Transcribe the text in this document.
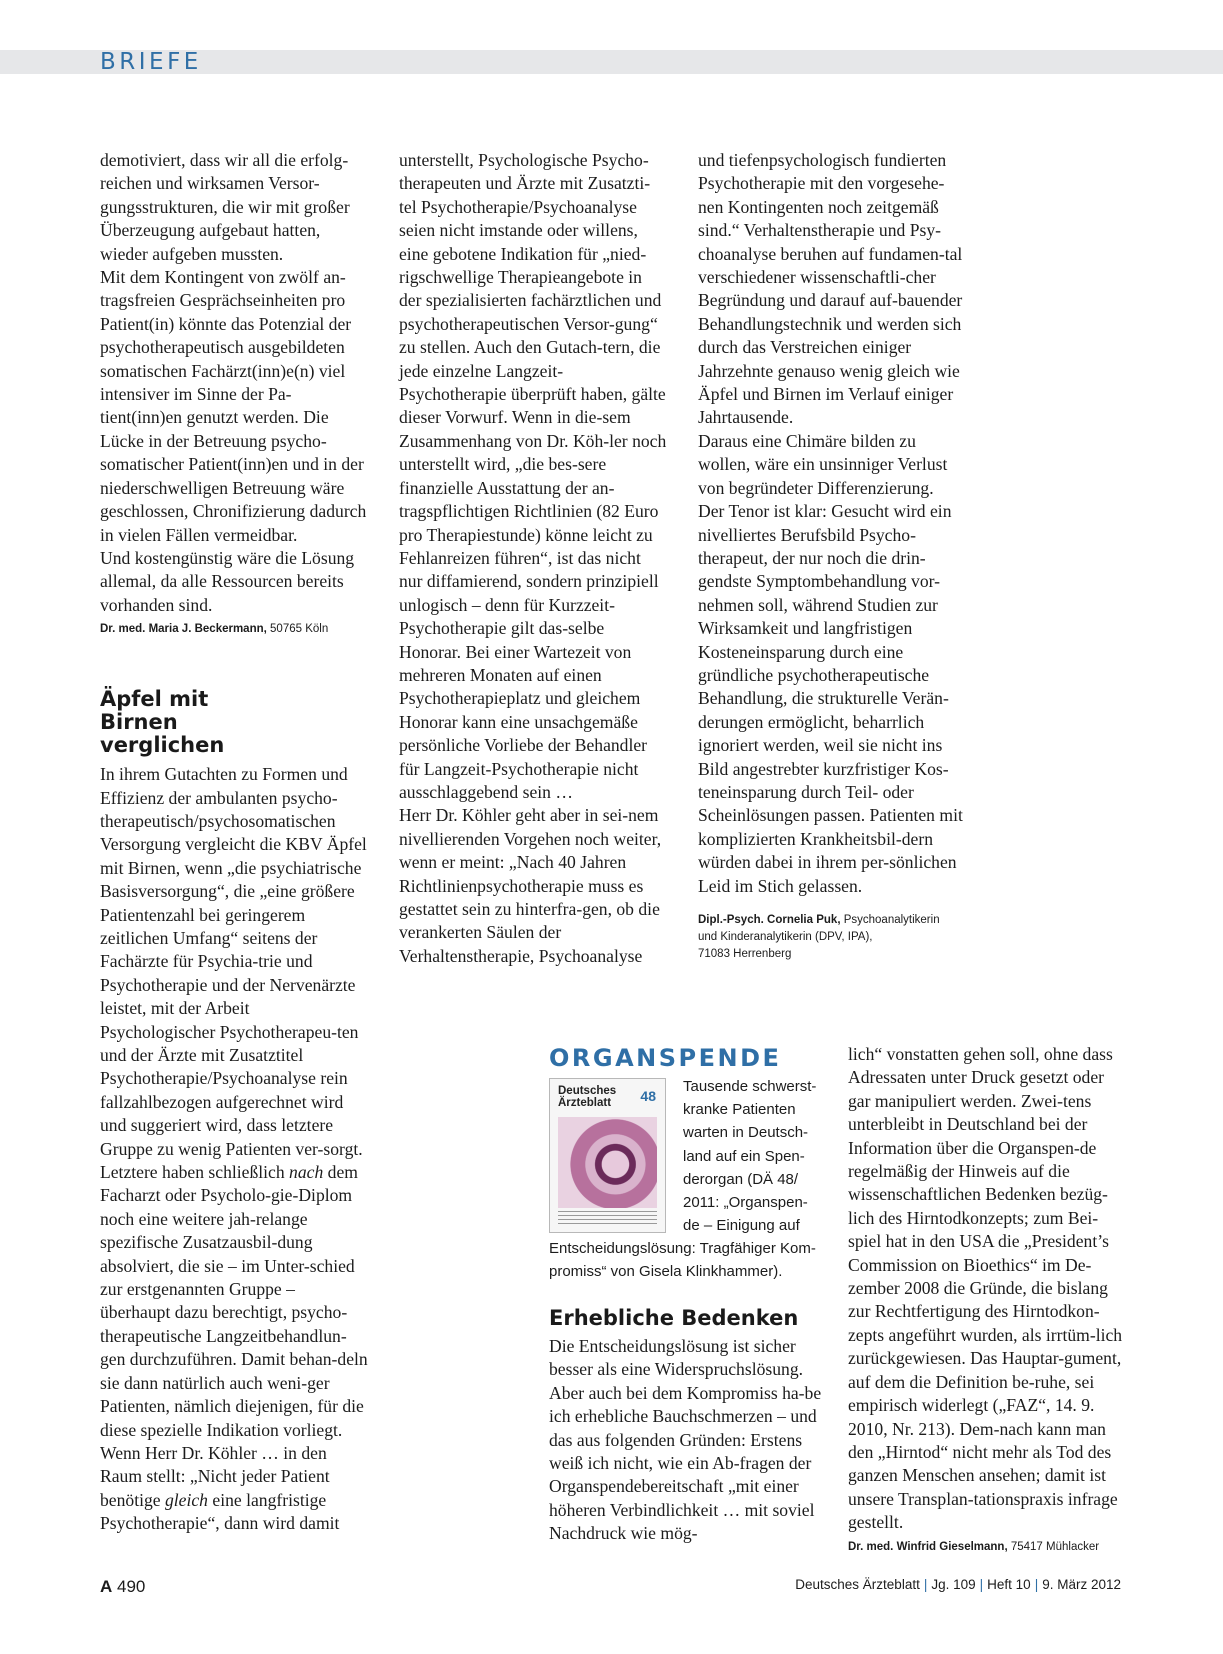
BRIEFE

demotiviert, dass wir all die erfolg-reichen und wirksamen Versor-gungsstrukturen, die wir mit großer Überzeugung aufgebaut hatten, wieder aufgeben mussten.

Mit dem Kontingent von zwölf an-tragsfreien Gesprächseinheiten pro Patient(in) könnte das Potenzial der psychotherapeutisch ausgebildeten somatischen Fachärzt(inn)e(n) viel intensiver im Sinne der Pa-tient(inn)en genutzt werden. Die Lücke in der Betreuung psycho-somatischer Patient(inn)en und in der niederschwelligen Betreuung wäre geschlossen, Chronifizierung dadurch in vielen Fällen vermeidbar.

Und kostengünstig wäre die Lösung allemal, da alle Ressourcen bereits vorhanden sind.

Dr. med. Maria J. Beckermann, 50765 Köln
Äpfel mit Birnen verglichen

In ihrem Gutachten zu Formen und Effizienz der ambulanten psycho-therapeutisch/psychosomatischen Versorgung vergleicht die KBV Äpfel mit Birnen, wenn „die psychiatrische Basisversorgung“, die „eine größere Patientenzahl bei geringerem zeitlichen Umfang“ seitens der Fachärzte für Psychia-trie und Psychotherapie und der Nervenärzte leistet, mit der Arbeit Psychologischer Psychotherapeu-ten und der Ärzte mit Zusatztitel Psychotherapie/Psychoanalyse rein fallzahlbezogen aufgerechnet wird und suggeriert wird, dass letztere Gruppe zu wenig Patienten ver-sorgt. Letztere haben schließlich nach dem Facharzt oder Psycholo-gie-Diplom noch eine weitere jah-relange spezifische Zusatzausbil-dung absolviert, die sie – im Unter-schied zur erstgenannten Gruppe – überhaupt dazu berechtigt, psycho-therapeutische Langzeitbehandlun-gen durchzuführen. Damit behan-deln sie dann natürlich auch weni-ger Patienten, nämlich diejenigen, für die diese spezielle Indikation vorliegt.

Wenn Herr Dr. Köhler … in den Raum stellt: „Nicht jeder Patient benötige gleich eine langfristige Psychotherapie“, dann wird damit

unterstellt, Psychologische Psycho-therapeuten und Ärzte mit Zusatzti-tel Psychotherapie/Psychoanalyse seien nicht imstande oder willens, eine gebotene Indikation für „nied-rigschwellige Therapieangebote in der spezialisierten fachärztlichen und psychotherapeutischen Versor-gung“ zu stellen. Auch den Gutach-tern, die jede einzelne Langzeit-Psychotherapie überprüft haben, gälte dieser Vorwurf. Wenn in die-sem Zusammenhang von Dr. Köh-ler noch unterstellt wird, „die bes-sere finanzielle Ausstattung der an-tragspflichtigen Richtlinien (82 Euro pro Therapiestunde) könne leicht zu Fehlanreizen führen“, ist das nicht nur diffamierend, sondern prinzipiell unlogisch – denn für Kurzzeit-Psychotherapie gilt das-selbe Honorar. Bei einer Wartezeit von mehreren Monaten auf einen Psychotherapieplatz und gleichem Honorar kann eine unsachgemäße persönliche Vorliebe der Behandler für Langzeit-Psychotherapie nicht ausschlaggebend sein …

Herr Dr. Köhler geht aber in sei-nem nivellierenden Vorgehen noch weiter, wenn er meint: „Nach 40 Jahren Richtlinienpsychotherapie muss es gestattet sein zu hinterfra-gen, ob die verankerten Säulen der Verhaltenstherapie, Psychoanalyse

und tiefenpsychologisch fundierten Psychotherapie mit den vorgesehe-nen Kontingenten noch zeitgemäß sind.“ Verhaltenstherapie und Psy-choanalyse beruhen auf fundamen-tal verschiedener wissenschaftli-cher Begründung und darauf auf-bauender Behandlungstechnik und werden sich durch das Verstreichen einiger Jahrzehnte genauso wenig gleich wie Äpfel und Birnen im Verlauf einiger Jahrtausende.

Daraus eine Chimäre bilden zu wollen, wäre ein unsinniger Verlust von begründeter Differenzierung.

Der Tenor ist klar: Gesucht wird ein nivelliertes Berufsbild Psycho-therapeut, der nur noch die drin-gendste Symptombehandlung vor-nehmen soll, während Studien zur Wirksamkeit und langfristigen Kosteneinsparung durch eine gründliche psychotherapeutische Behandlung, die strukturelle Verän-derungen ermöglicht, beharrlich ignoriert werden, weil sie nicht ins Bild angestrebter kurzfristiger Kos-teneinsparung durch Teil- oder Scheinlösungen passen. Patienten mit komplizierten Krankheitsbil-dern würden dabei in ihrem per-sönlichen Leid im Stich gelassen.

Dipl.-Psych. Cornelia Puk, Psychoanalytikerin
und Kinderanalytikerin (DPV, IPA),
71083 Herrenberg
ORGANSPENDE
Deutsches Ärzteblatt	48
Tausende schwerst-kranke Patienten warten in Deutsch-land auf ein Spen-derorgan (DÄ 48/ 2011: „Organspen-de – Einigung auf
Entscheidungslösung: Tragfähiger Kom-promiss“ von Gisela Klinkhammer).
Erhebliche Bedenken

Die Entscheidungslösung ist sicher besser als eine Widerspruchslösung. Aber auch bei dem Kompromiss ha-be ich erhebliche Bauchschmerzen – und das aus folgenden Gründen: Erstens weiß ich nicht, wie ein Ab-fragen der Organspendebereitschaft „mit einer höheren Verbindlichkeit … mit soviel Nachdruck wie mög-

lich“ vonstatten gehen soll, ohne dass Adressaten unter Druck gesetzt oder gar manipuliert werden. Zwei-tens unterbleibt in Deutschland bei der Information über die Organspen-de regelmäßig der Hinweis auf die wissenschaftlichen Bedenken bezüg-lich des Hirntodkonzepts; zum Bei-spiel hat in den USA die „President’s Commission on Bioethics“ im De-zember 2008 die Gründe, die bislang zur Rechtfertigung des Hirntodkon-zepts angeführt wurden, als irrtüm-lich zurückgewiesen. Das Hauptar-gument, auf dem die Definition be-ruhe, sei empirisch widerlegt („FAZ“, 14. 9. 2010, Nr. 213). Dem-nach kann man den „Hirntod“ nicht mehr als Tod des ganzen Menschen ansehen; damit ist unsere Transplan-tationspraxis infrage gestellt.

Dr. med. Winfrid Gieselmann, 75417 Mühlacker
A 490	Deutsches Ärzteblatt | Jg. 109 | Heft 10 | 9. März 2012
